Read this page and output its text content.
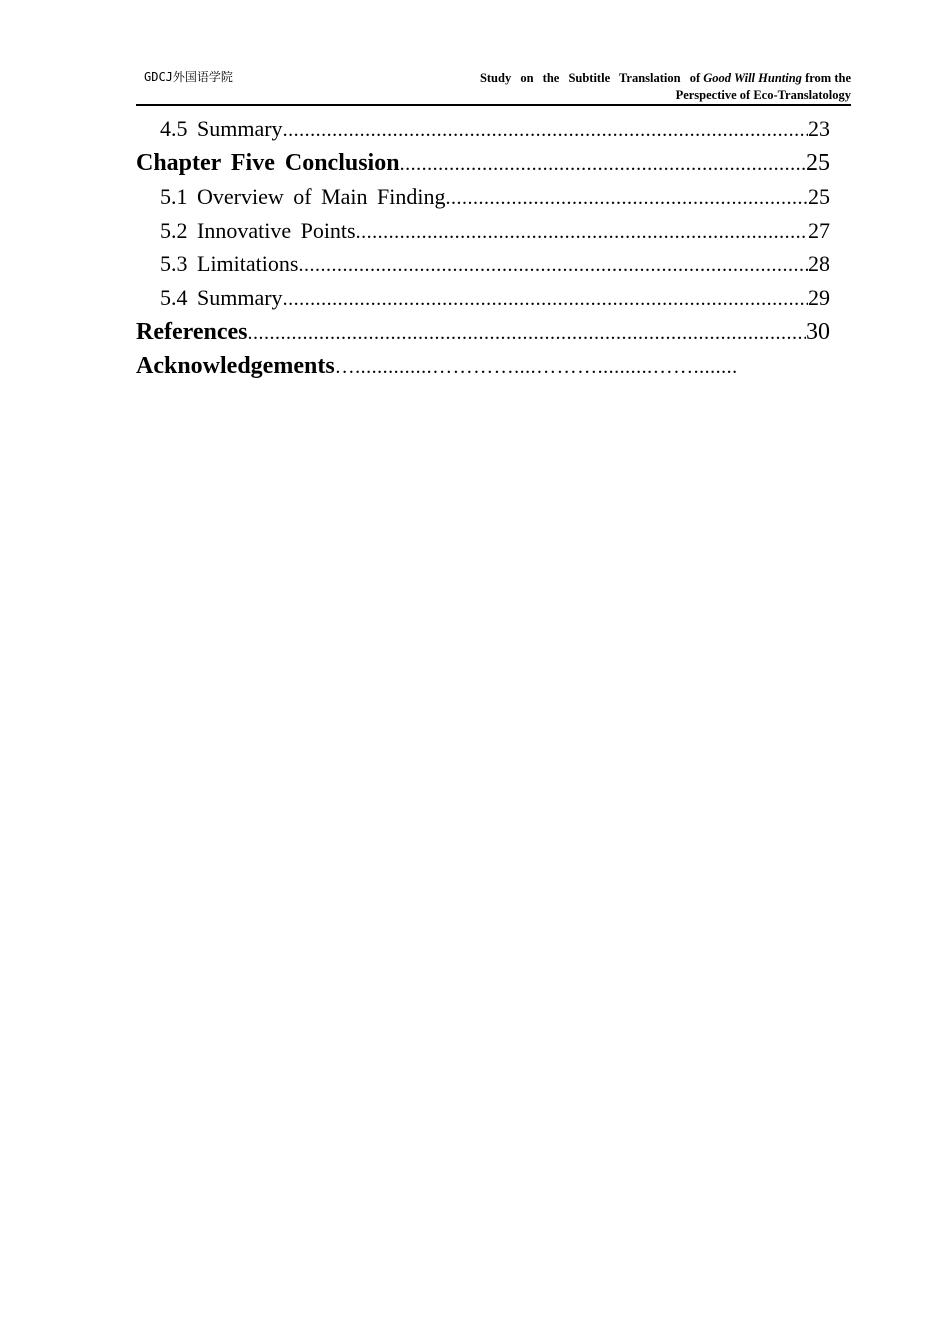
GDCJ外国语学院	Study on the Subtitle Translation of Good Will Hunting from the
Perspective of Eco-Translatology
4.5 Summary .....	23
Chapter Five Conclusion .....	25
5.1 Overview of Main Finding .....	25
5.2 Innovative Points .....	27
5.3 Limitations .....	28
5.4 Summary .....	29
References .....	30
Acknowledgements
…..............…………....………..........……........
